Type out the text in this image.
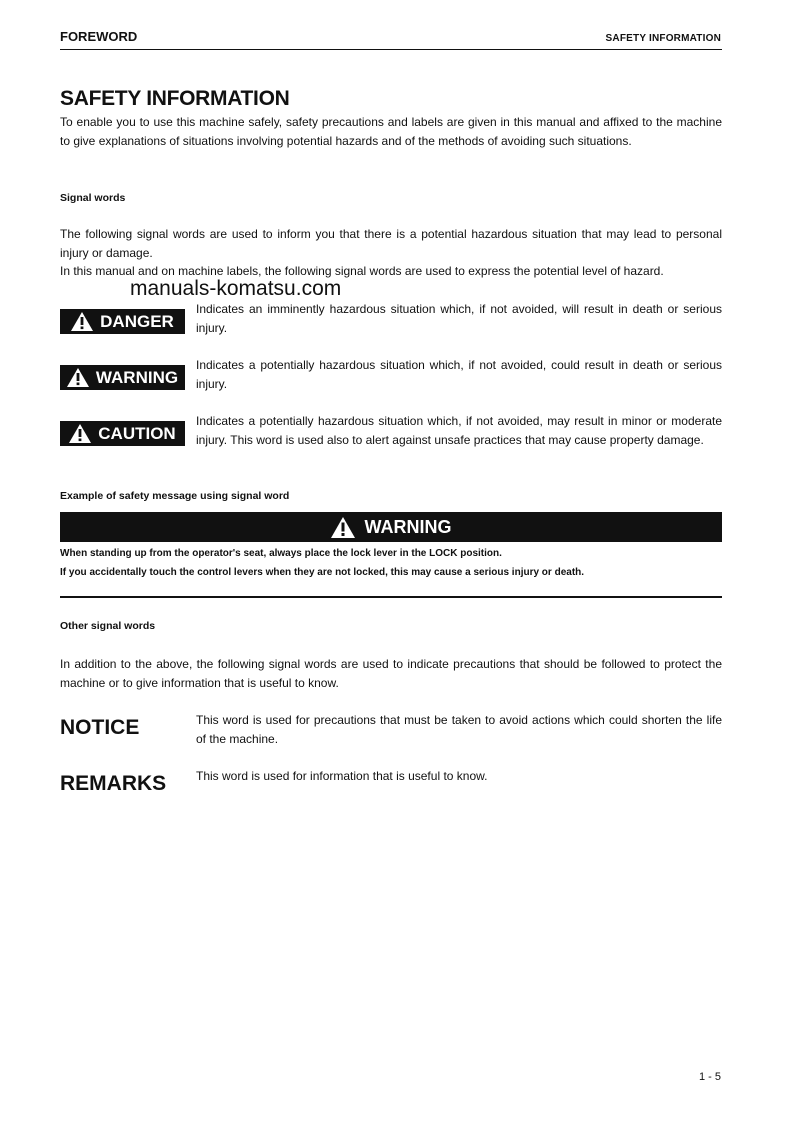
FOREWORD	SAFETY INFORMATION
SAFETY INFORMATION
To enable you to use this machine safely, safety precautions and labels are given in this manual and affixed to the machine to give explanations of situations involving potential hazards and of the methods of avoiding such situations.
Signal words
The following signal words are used to inform you that there is a potential hazardous situation that may lead to personal injury or damage.
In this manual and on machine labels, the following signal words are used to express the potential level of hazard.
manuals-komatsu.com
DANGER
Indicates an imminently hazardous situation which, if not avoided, will result in death or serious injury.
WARNING
Indicates a potentially hazardous situation which, if not avoided, could result in death or serious injury.
CAUTION
Indicates a potentially hazardous situation which, if not avoided, may result in minor or moderate injury. This word is used also to alert against unsafe practices that may cause property damage.
Example of safety message using signal word
WARNING
When standing up from the operator's seat, always place the lock lever in the LOCK position.
If you accidentally touch the control levers when they are not locked, this may cause a serious injury or death.
Other signal words
In addition to the above, the following signal words are used to indicate precautions that should be followed to protect the machine or to give information that is useful to know.
NOTICE	This word is used for precautions that must be taken to avoid actions which could shorten the life of the machine.
REMARKS This word is used for information that is useful to know.
1 - 5
